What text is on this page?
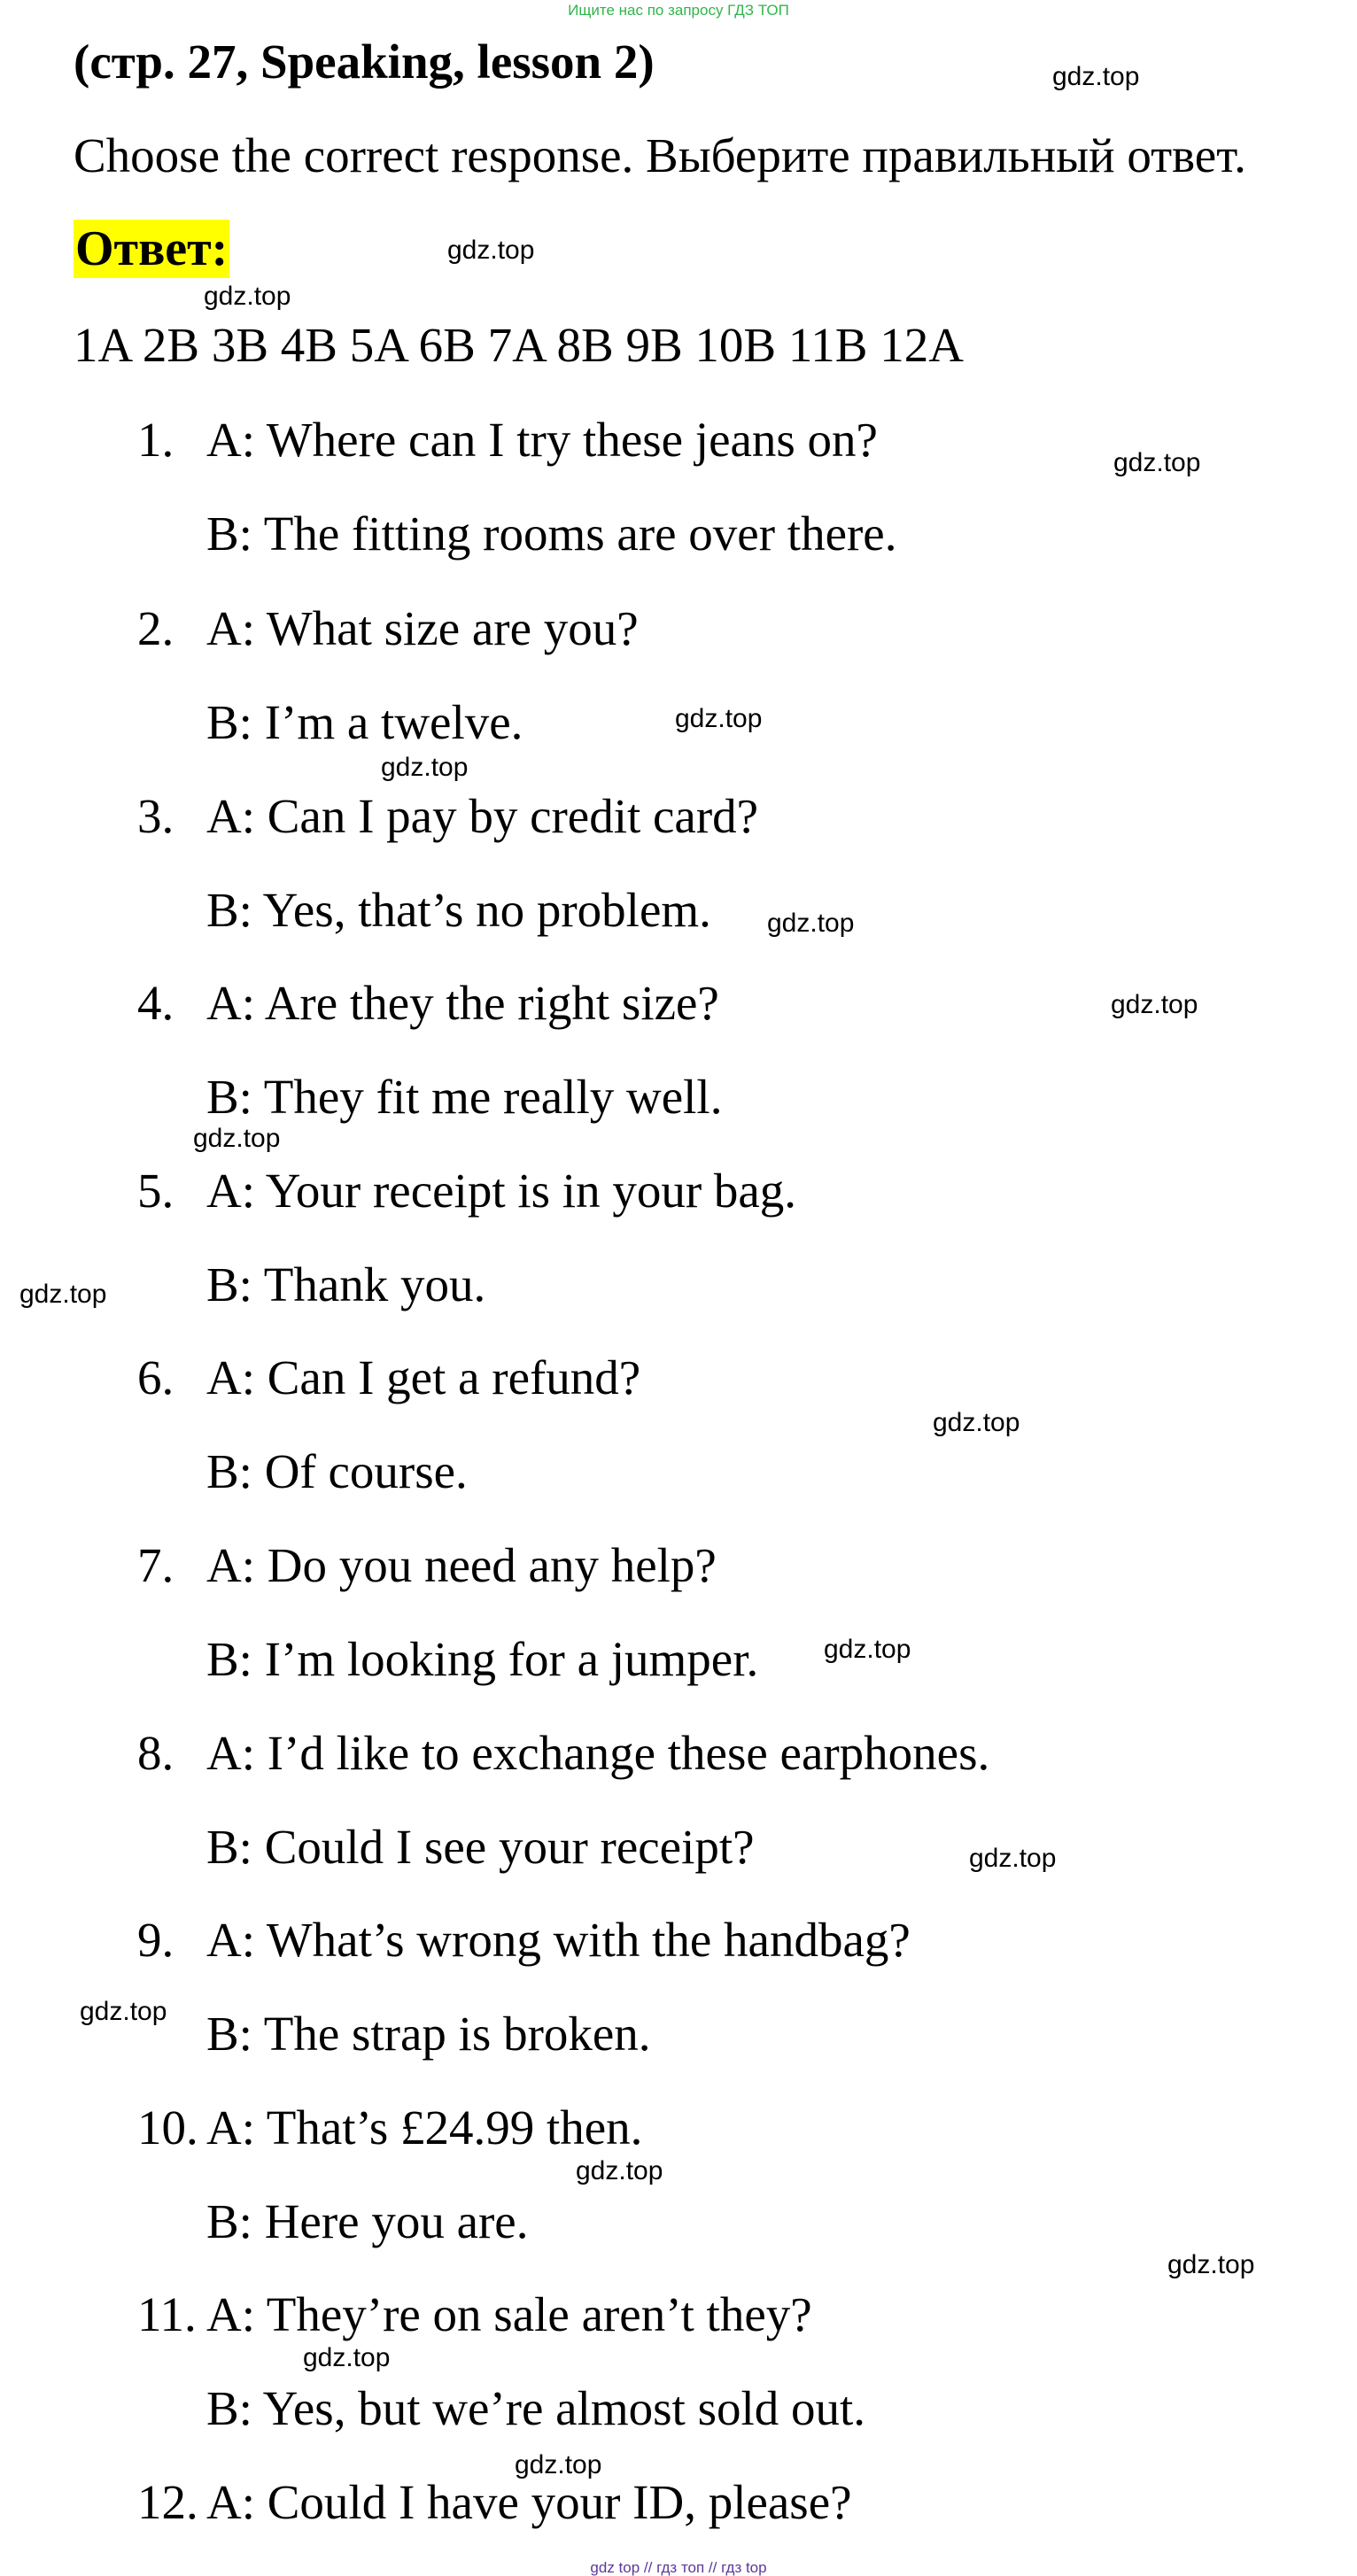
Ищите нас по запросу ГДЗ ТОП
(стр. 27, Speaking, lesson 2)
Choose the correct response. Выберите правильный ответ.
Ответ:
1A 2B 3B 4B 5A 6B 7A 8B 9B 10B 11B 12A
1. A: Where can I try these jeans on?
B: The fitting rooms are over there.
2. A: What size are you?
B: I’m a twelve.
3. A: Can I pay by credit card?
B: Yes, that’s no problem.
4. A: Are they the right size?
B: They fit me really well.
5. A: Your receipt is in your bag.
B: Thank you.
6. A: Can I get a refund?
B: Of course.
7. A: Do you need any help?
B: I’m looking for a jumper.
8. A: I’d like to exchange these earphones.
B: Could I see your receipt?
9. A: What’s wrong with the handbag?
B: The strap is broken.
10. A: That’s £24.99 then.
B: Here you are.
11. A: They’re on sale aren’t they?
B: Yes, but we’re almost sold out.
12. A: Could I have your ID, please?
gdz.top
gdz.top
gdz.top
gdz.top
gdz.top
gdz.top
gdz.top
gdz.top
gdz.top
gdz.top
gdz.top
gdz.top
gdz.top
gdz.top
gdz.top
gdz.top
gdz.top
gdz.top
gdz top // гдз топ // гдз top
